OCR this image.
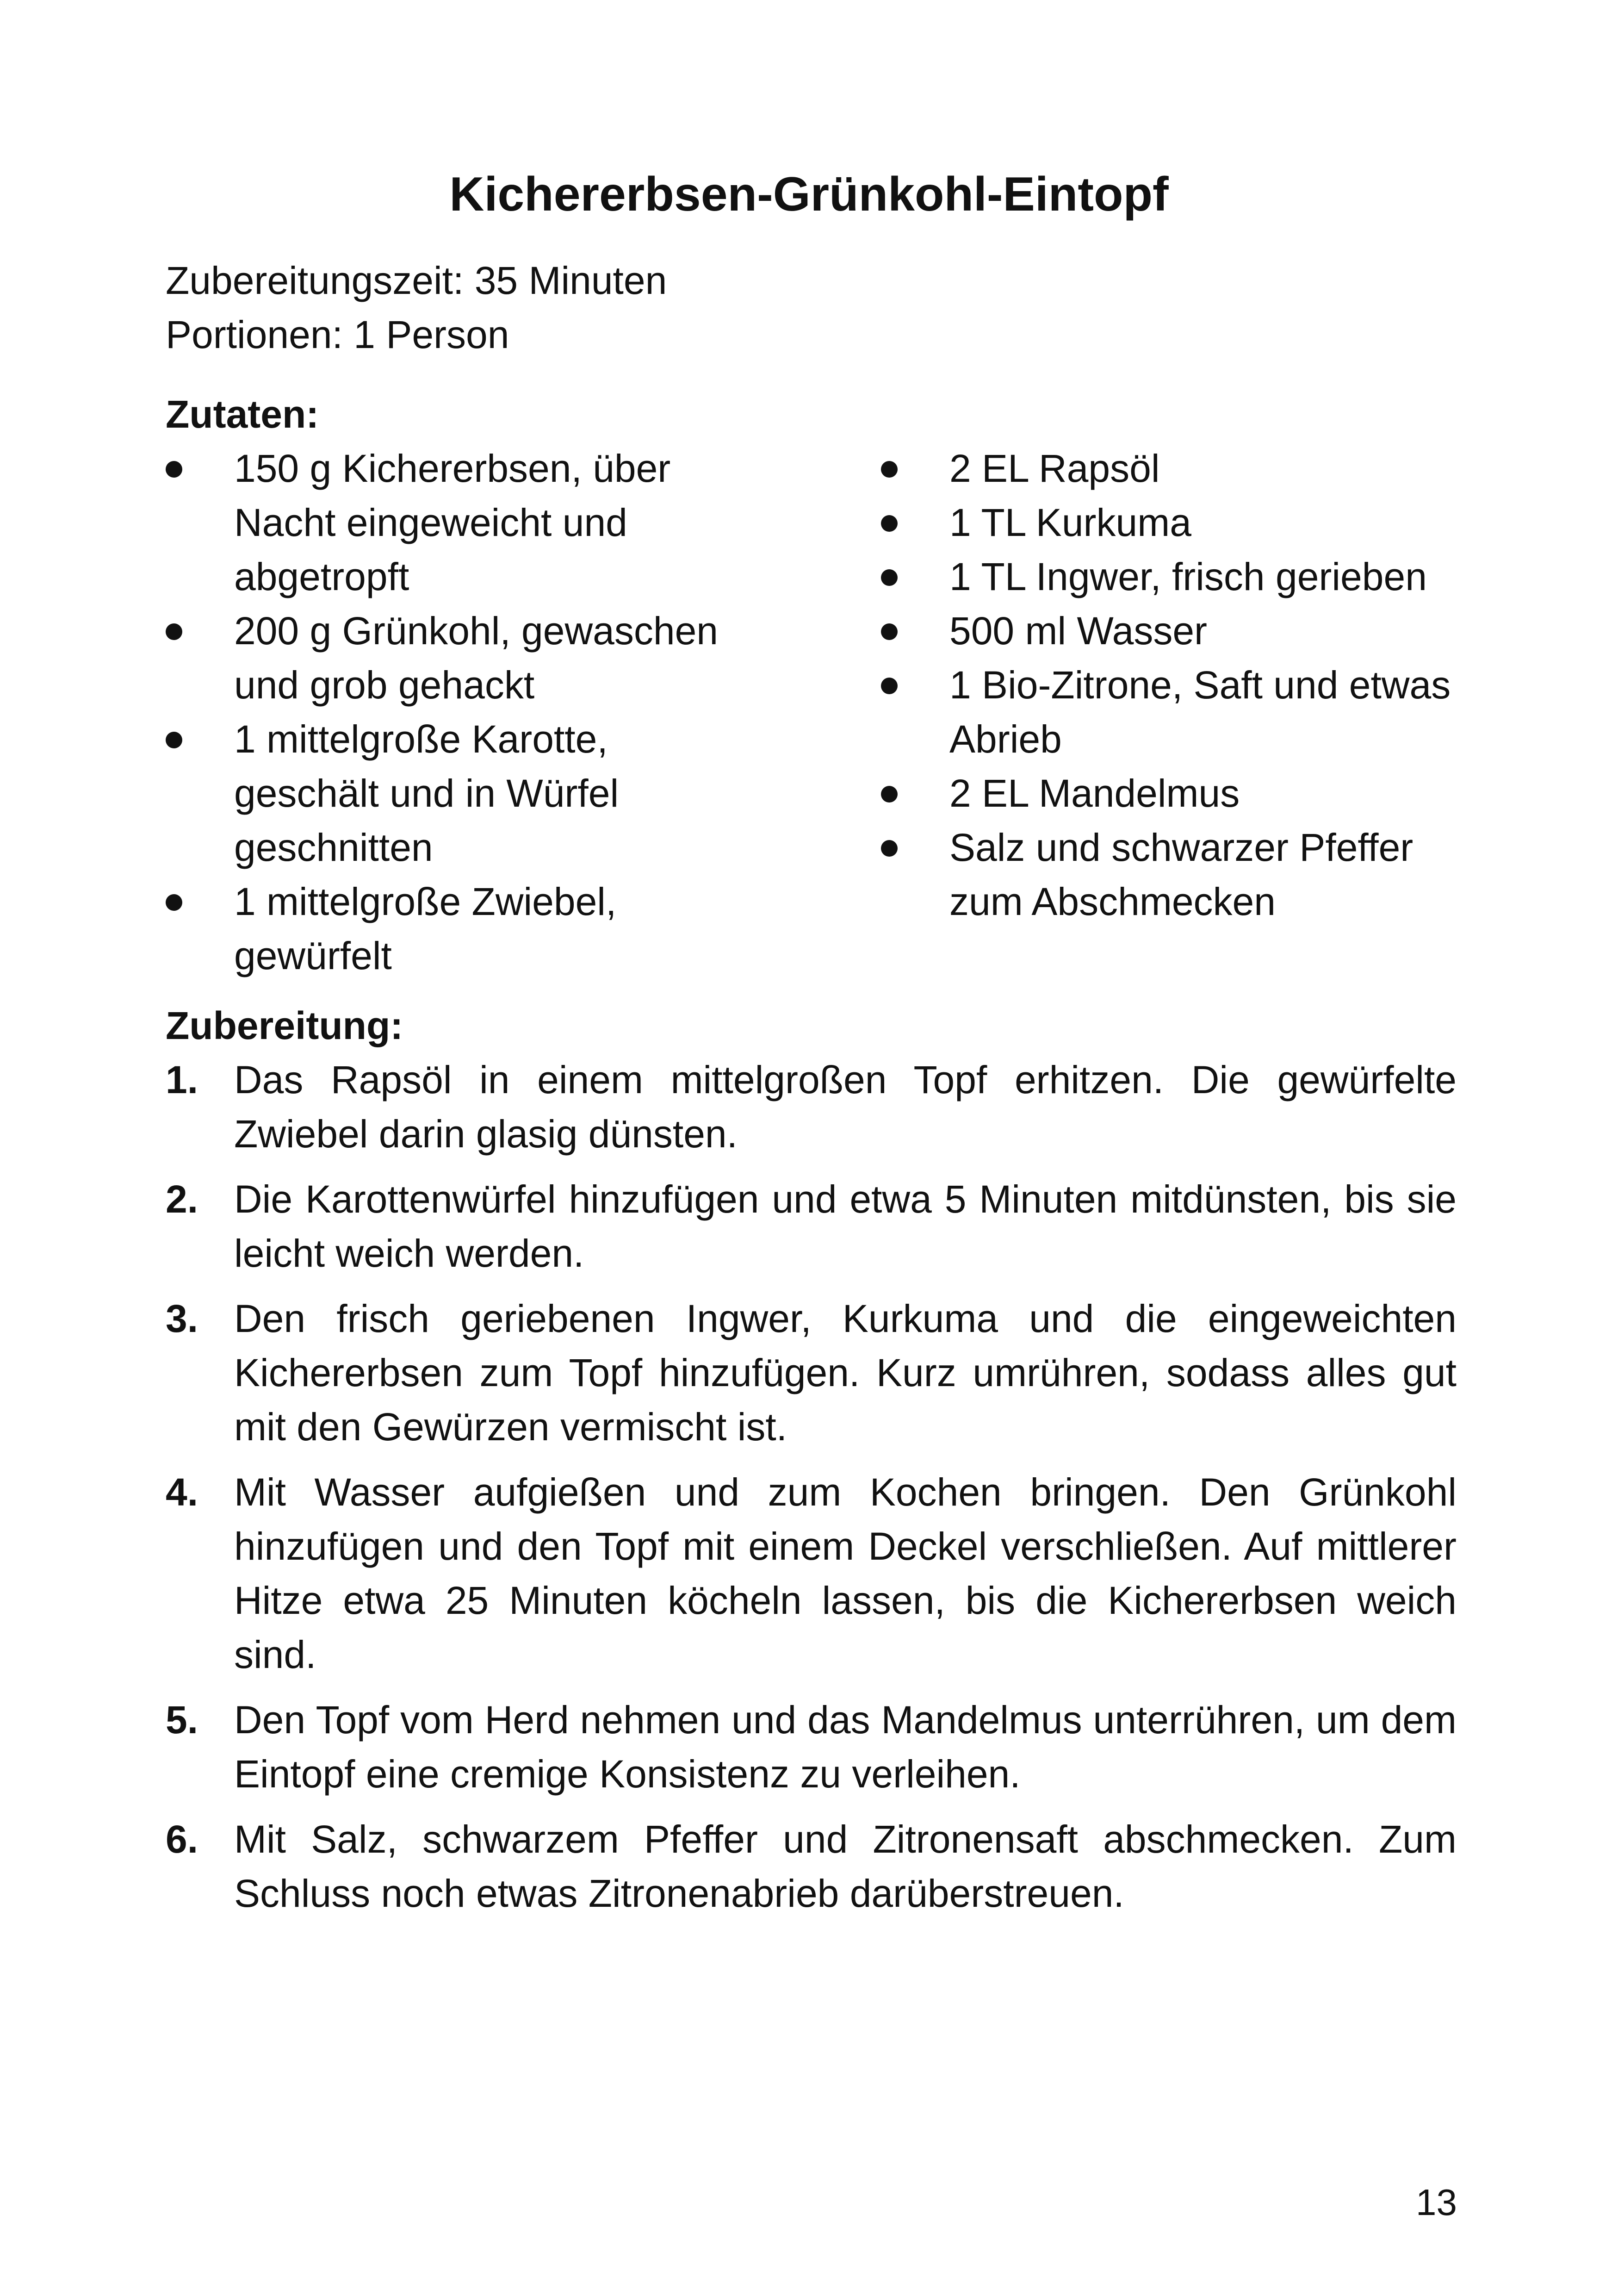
Kichererbsen-Grünkohl-Eintopf
Zubereitungszeit: 35 Minuten
Portionen: 1 Person
Zutaten:
150 g Kichererbsen, über Nacht eingeweicht und abgetropft
200 g Grünkohl, gewaschen und grob gehackt
1 mittelgroße Karotte, geschält und in Würfel geschnitten
1 mittelgroße Zwiebel, gewürfelt
2 EL Rapsöl
1 TL Kurkuma
1 TL Ingwer, frisch gerieben
500 ml Wasser
1 Bio-Zitrone, Saft und etwas Abrieb
2 EL Mandelmus
Salz und schwarzer Pfeffer zum Abschmecken
Zubereitung:
1. Das Rapsöl in einem mittelgroßen Topf erhitzen. Die gewürfelte Zwiebel darin glasig dünsten.
2. Die Karottenwürfel hinzufügen und etwa 5 Minuten mitdünsten, bis sie leicht weich werden.
3. Den frisch geriebenen Ingwer, Kurkuma und die eingeweichten Kichererbsen zum Topf hinzufügen. Kurz umrühren, sodass alles gut mit den Gewürzen vermischt ist.
4. Mit Wasser aufgießen und zum Kochen bringen. Den Grünkohl hinzufügen und den Topf mit einem Deckel verschließen. Auf mittlerer Hitze etwa 25 Minuten köcheln lassen, bis die Kichererbsen weich sind.
5. Den Topf vom Herd nehmen und das Mandelmus unterrühren, um dem Eintopf eine cremige Konsistenz zu verleihen.
6. Mit Salz, schwarzem Pfeffer und Zitronensaft abschmecken. Zum Schluss noch etwas Zitronenabrieb darüberstreuen.
13
